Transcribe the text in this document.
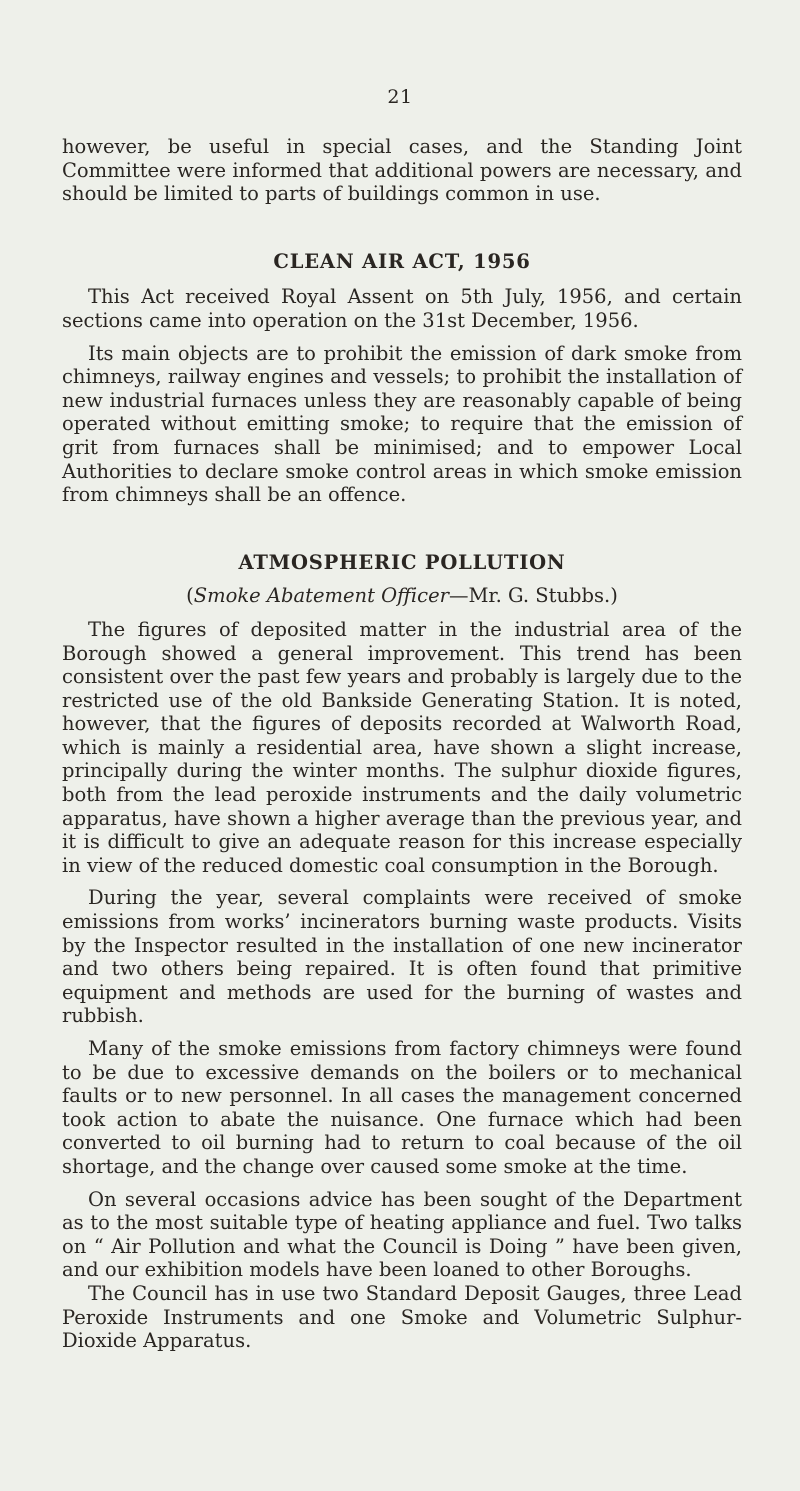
21

however, be useful in special cases, and the Standing Joint Committee were informed that additional powers are necessary, and should be limited to parts of buildings common in use.

CLEAN AIR ACT, 1956

This Act received Royal Assent on 5th July, 1956, and certain sections came into operation on the 31st December, 1956.

Its main objects are to prohibit the emission of dark smoke from chimneys, railway engines and vessels; to prohibit the installation of new industrial furnaces unless they are reasonably capable of being operated without emitting smoke; to require that the emission of grit from furnaces shall be minimised; and to empower Local Authorities to declare smoke control areas in which smoke emission from chimneys shall be an offence.

ATMOSPHERIC POLLUTION

(Smoke Abatement Officer—Mr. G. Stubbs.)

The figures of deposited matter in the industrial area of the Borough showed a general improvement. This trend has been consistent over the past few years and probably is largely due to the restricted use of the old Bankside Generating Station. It is noted, however, that the figures of deposits recorded at Walworth Road, which is mainly a residential area, have shown a slight increase, principally during the winter months. The sulphur dioxide figures, both from the lead peroxide instruments and the daily volumetric apparatus, have shown a higher average than the previous year, and it is difficult to give an adequate reason for this increase especially in view of the reduced domestic coal consumption in the Borough.

During the year, several complaints were received of smoke emissions from works’ incinerators burning waste products. Visits by the Inspector resulted in the installation of one new incinerator and two others being repaired. It is often found that primitive equipment and methods are used for the burning of wastes and rubbish.

Many of the smoke emissions from factory chimneys were found to be due to excessive demands on the boilers or to mechanical faults or to new personnel. In all cases the management concerned took action to abate the nuisance. One furnace which had been converted to oil burning had to return to coal because of the oil shortage, and the change over caused some smoke at the time.

On several occasions advice has been sought of the Department as to the most suitable type of heating appliance and fuel. Two talks on “ Air Pollution and what the Council is Doing ” have been given, and our exhibition models have been loaned to other Boroughs.

The Council has in use two Standard Deposit Gauges, three Lead Peroxide Instruments and one Smoke and Volumetric Sulphur-Dioxide Apparatus.
